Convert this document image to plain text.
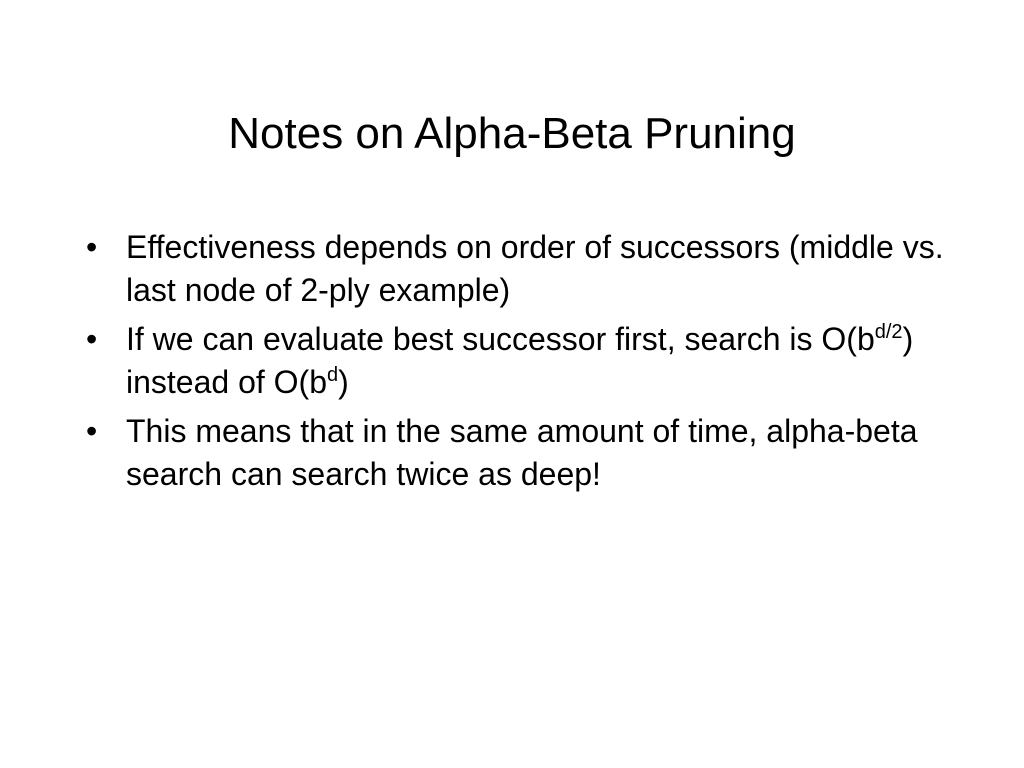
Notes on Alpha-Beta Pruning
• Effectiveness depends on order of successors (middle vs. last node of 2-ply example)
• If we can evaluate best successor first, search is $O(b^{d/2})$ instead of $O(b^d)$
• This means that in the same amount of time, alpha-beta search can search twice as deep!
